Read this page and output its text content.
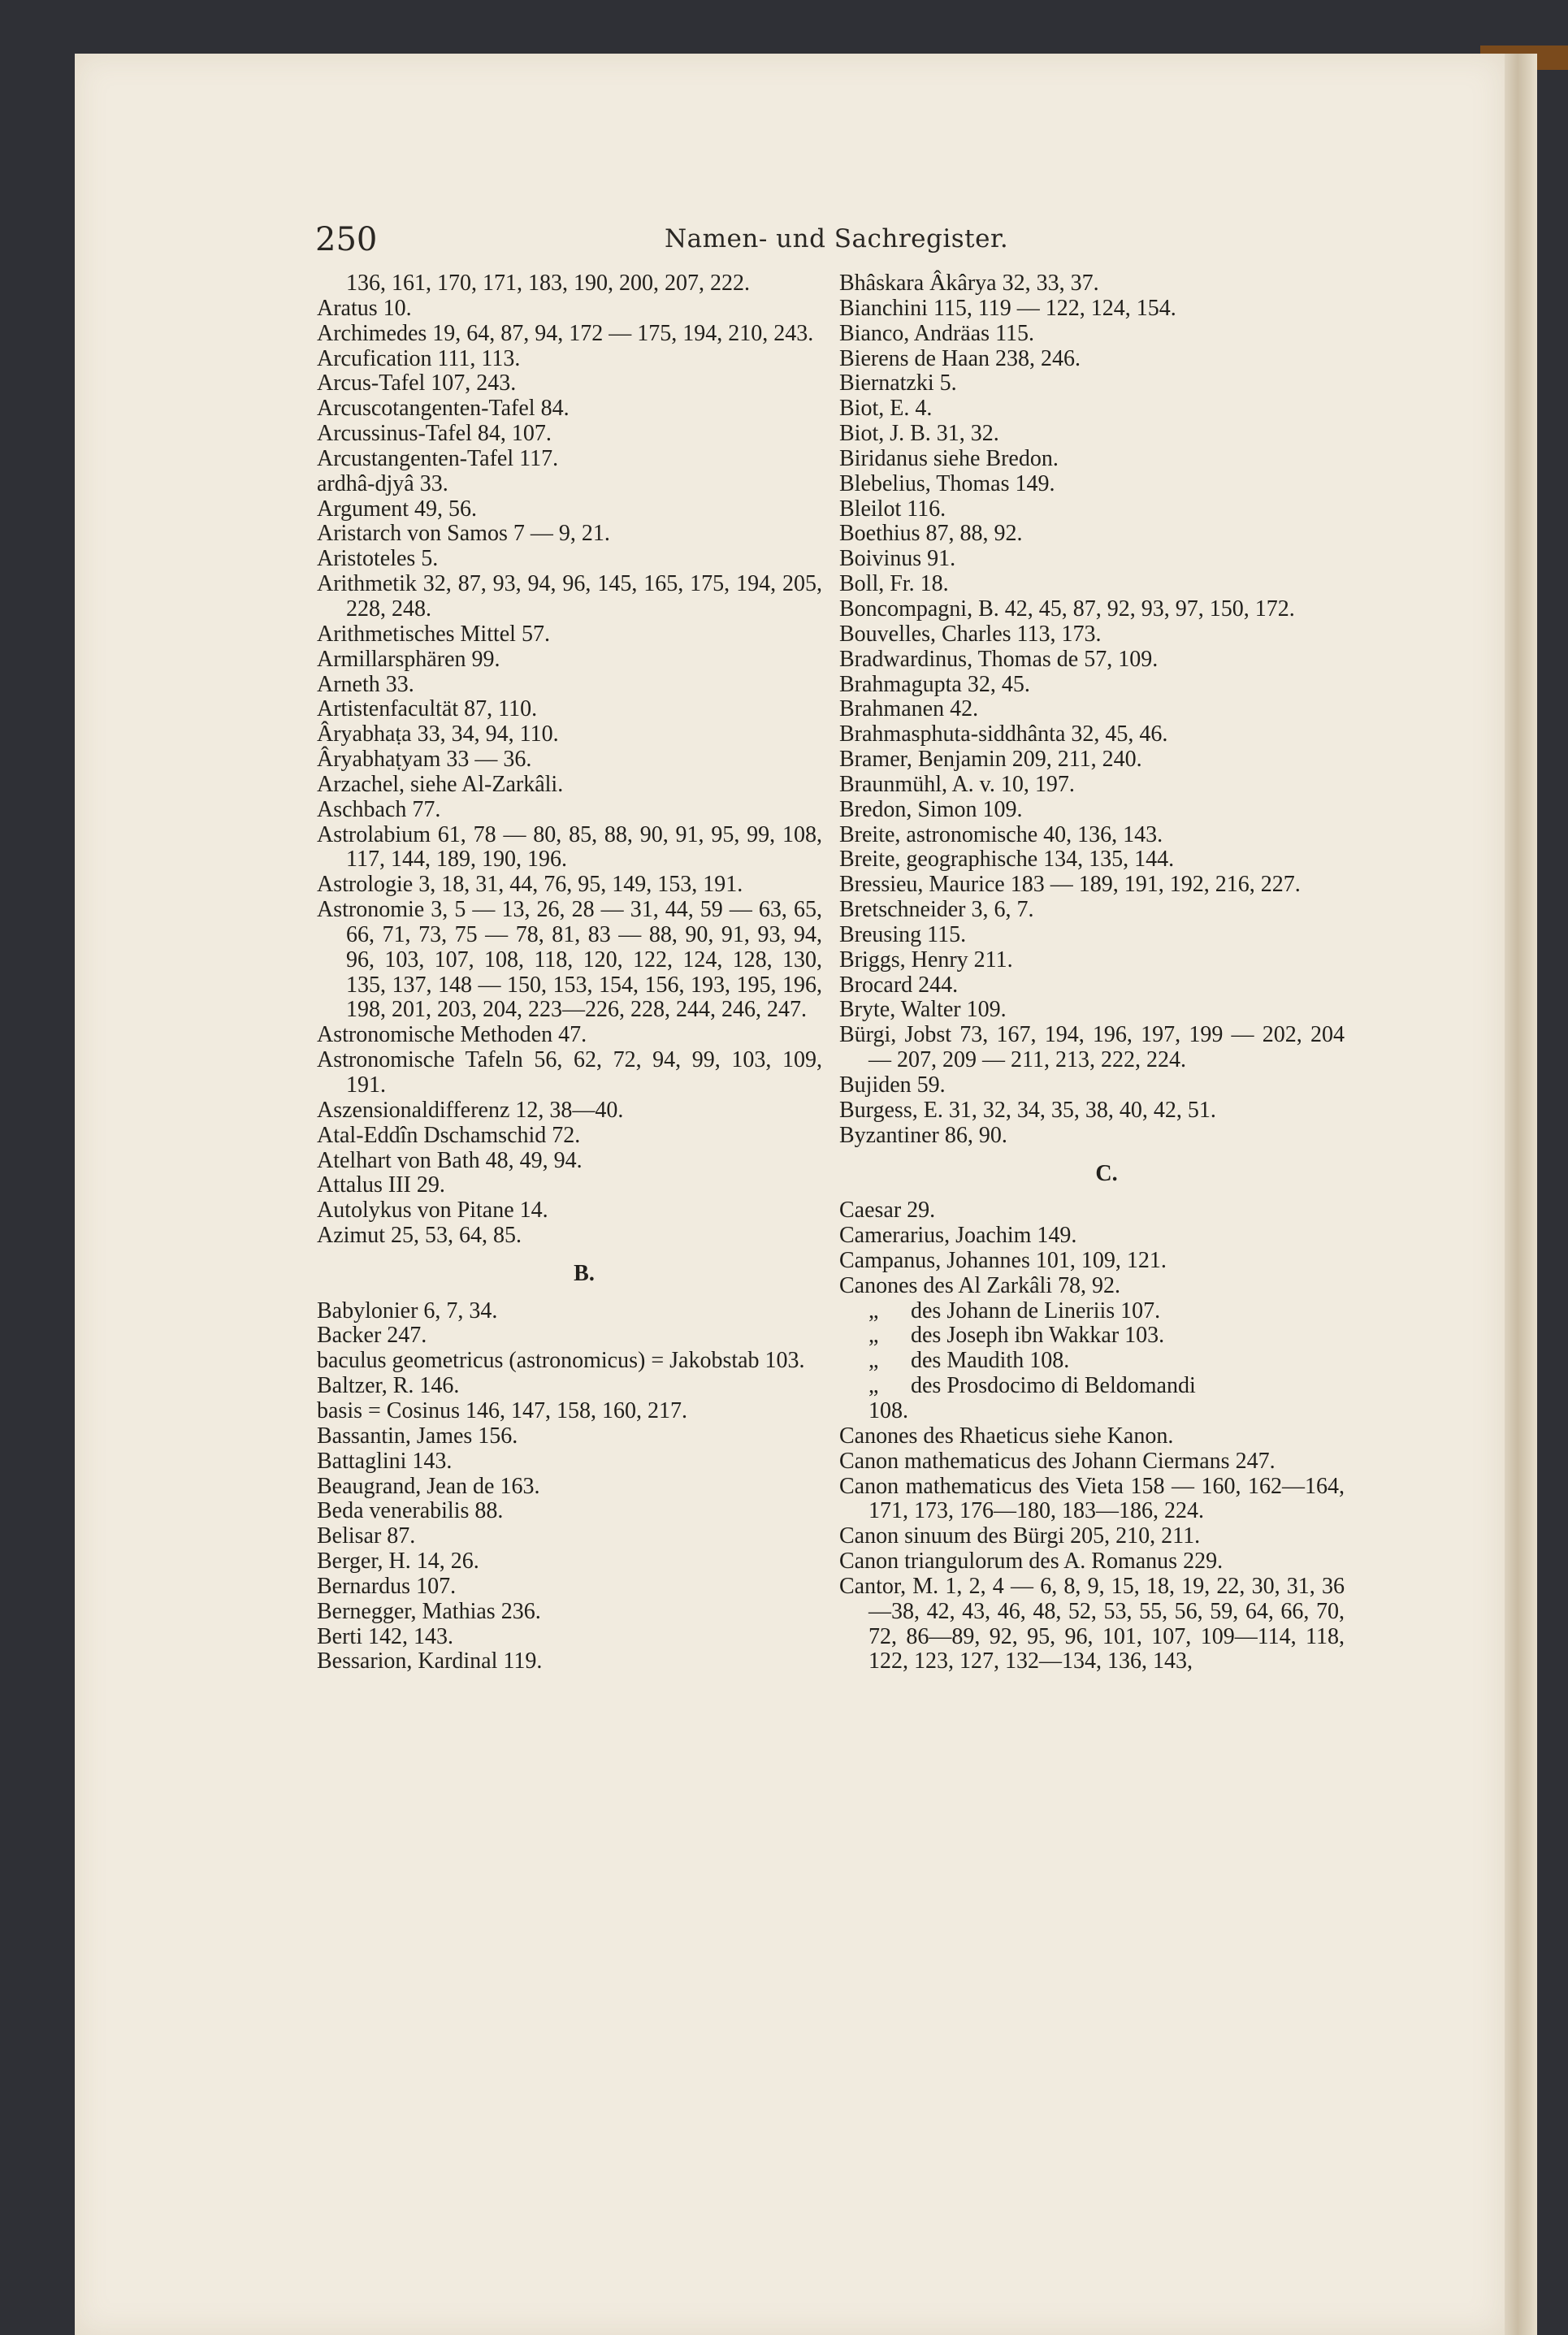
250	Namen- und Sachregister.
136, 161, 170, 171, 183, 190, 200, 207, 222.
Aratus 10.
Archimedes 19, 64, 87, 94, 172 — 175, 194, 210, 243.
Arcufication 111, 113.
Arcus-Tafel 107, 243.
Arcuscotangenten-Tafel 84.
Arcussinus-Tafel 84, 107.
Arcustangenten-Tafel 117.
ardhâ-djyâ 33.
Argument 49, 56.
Aristarch von Samos 7 — 9, 21.
Aristoteles 5.
Arithmetik 32, 87, 93, 94, 96, 145, 165, 175, 194, 205, 228, 248.
Arithmetisches Mittel 57.
Armillarsphären 99.
Arneth 33.
Artistenfacultät 87, 110.
Âryabhaṭa 33, 34, 94, 110.
Âryabhaṭyam 33 — 36.
Arzachel, siehe Al-Zarkâli.
Aschbach 77.
Astrolabium 61, 78 — 80, 85, 88, 90, 91, 95, 99, 108, 117, 144, 189, 190, 196.
Astrologie 3, 18, 31, 44, 76, 95, 149, 153, 191.
Astronomie 3, 5 — 13, 26, 28 — 31, 44, 59 — 63, 65, 66, 71, 73, 75 — 78, 81, 83 — 88, 90, 91, 93, 94, 96, 103, 107, 108, 118, 120, 122, 124, 128, 130, 135, 137, 148 — 150, 153, 154, 156, 193, 195, 196, 198, 201, 203, 204, 223—226, 228, 244, 246, 247.
Astronomische Methoden 47.
Astronomische Tafeln 56, 62, 72, 94, 99, 103, 109, 191.
Aszensionaldifferenz 12, 38—40.
Atal-Eddîn Dschamschid 72.
Atelhart von Bath 48, 49, 94.
Attalus III 29.
Autolykus von Pitane 14.
Azimut 25, 53, 64, 85.
B.
Babylonier 6, 7, 34.
Backer 247.
baculus geometricus (astronomicus) = Jakobstab 103.
Baltzer, R. 146.
basis = Cosinus 146, 147, 158, 160, 217.
Bassantin, James 156.
Battaglini 143.
Beaugrand, Jean de 163.
Beda venerabilis 88.
Belisar 87.
Berger, H. 14, 26.
Bernardus 107.
Bernegger, Mathias 236.
Berti 142, 143.
Bessarion, Kardinal 119.
Bhâskara Âkârya 32, 33, 37.
Bianchini 115, 119 — 122, 124, 154.
Bianco, Andräas 115.
Bierens de Haan 238, 246.
Biernatzki 5.
Biot, E. 4.
Biot, J. B. 31, 32.
Biridanus siehe Bredon.
Blebelius, Thomas 149.
Bleilot 116.
Boethius 87, 88, 92.
Boivinus 91.
Boll, Fr. 18.
Boncompagni, B. 42, 45, 87, 92, 93, 97, 150, 172.
Bouvelles, Charles 113, 173.
Bradwardinus, Thomas de 57, 109.
Brahmagupta 32, 45.
Brahmanen 42.
Brahmasphuta-siddhânta 32, 45, 46.
Bramer, Benjamin 209, 211, 240.
Braunmühl, A. v. 10, 197.
Bredon, Simon 109.
Breite, astronomische 40, 136, 143.
Breite, geographische 134, 135, 144.
Bressieu, Maurice 183 — 189, 191, 192, 216, 227.
Bretschneider 3, 6, 7.
Breusing 115.
Briggs, Henry 211.
Brocard 244.
Bryte, Walter 109.
Bürgi, Jobst 73, 167, 194, 196, 197, 199 — 202, 204 — 207, 209 — 211, 213, 222, 224.
Bujiden 59.
Burgess, E. 31, 32, 34, 35, 38, 40, 42, 51.
Byzantiner 86, 90.
C.
Caesar 29.
Camerarius, Joachim 149.
Campanus, Johannes 101, 109, 121.
Canones des Al Zarkâli 78, 92.
„ des Johann de Lineriis 107.
„ des Joseph ibn Wakkar 103.
„ des Maudith 108.
„ des Prosdocimo di Beldomandi
108.
Canones des Rhaeticus siehe Kanon.
Canon mathematicus des Johann Ciermans 247.
Canon mathematicus des Vieta 158 — 160, 162—164, 171, 173, 176—180, 183—186, 224.
Canon sinuum des Bürgi 205, 210, 211.
Canon triangulorum des A. Romanus 229.
Cantor, M. 1, 2, 4 — 6, 8, 9, 15, 18, 19, 22, 30, 31, 36—38, 42, 43, 46, 48, 52, 53, 55, 56, 59, 64, 66, 70, 72, 86—89, 92, 95, 96, 101, 107, 109—114, 118, 122, 123, 127, 132—134, 136, 143,
